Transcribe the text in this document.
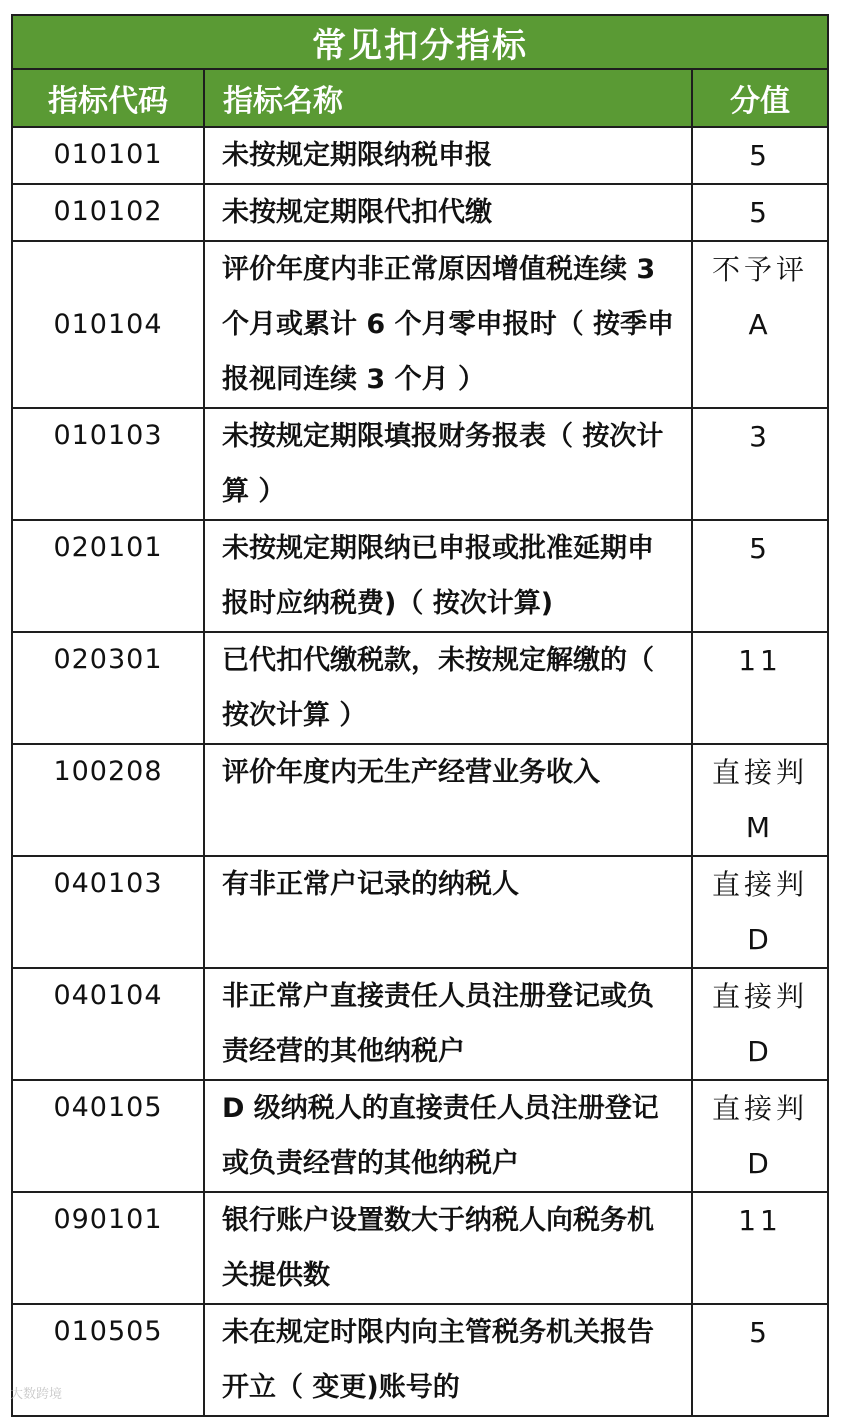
常见扣分指标		
指标代码	指标名称	分值
010101	未按规定期限纳税申报	5

010102	未按规定期限代扣代缴	5

010104	评价年度内非正常原因增值税连续 3 个月或累计 6 个月零申报时（ 按季申报视同连续 3 个月 ）	不予评 A

010103	未按规定期限填报财务报表（ 按次计算 ）	3

020101	未按规定期限纳已申报或批准延期申报时应纳税费)（ 按次计算)	5

020301	已代扣代缴税款，未按规定解缴的（ 按次计算 ）	11

100208	评价年度内无生产经营业务收入	直接判 M

040103	有非正常户记录的纳税人	直接判 D

040104	非正常户直接责任人员注册登记或负责经营的其他纳税户	直接判 D

040105	D 级纳税人的直接责任人员注册登记或负责经营的其他纳税户	直接判 D

090101	银行账户设置数大于纳税人向税务机关提供数	11

010505	未在规定时限内向主管税务机关报告开立（ 变更)账号的	5
大数跨境
